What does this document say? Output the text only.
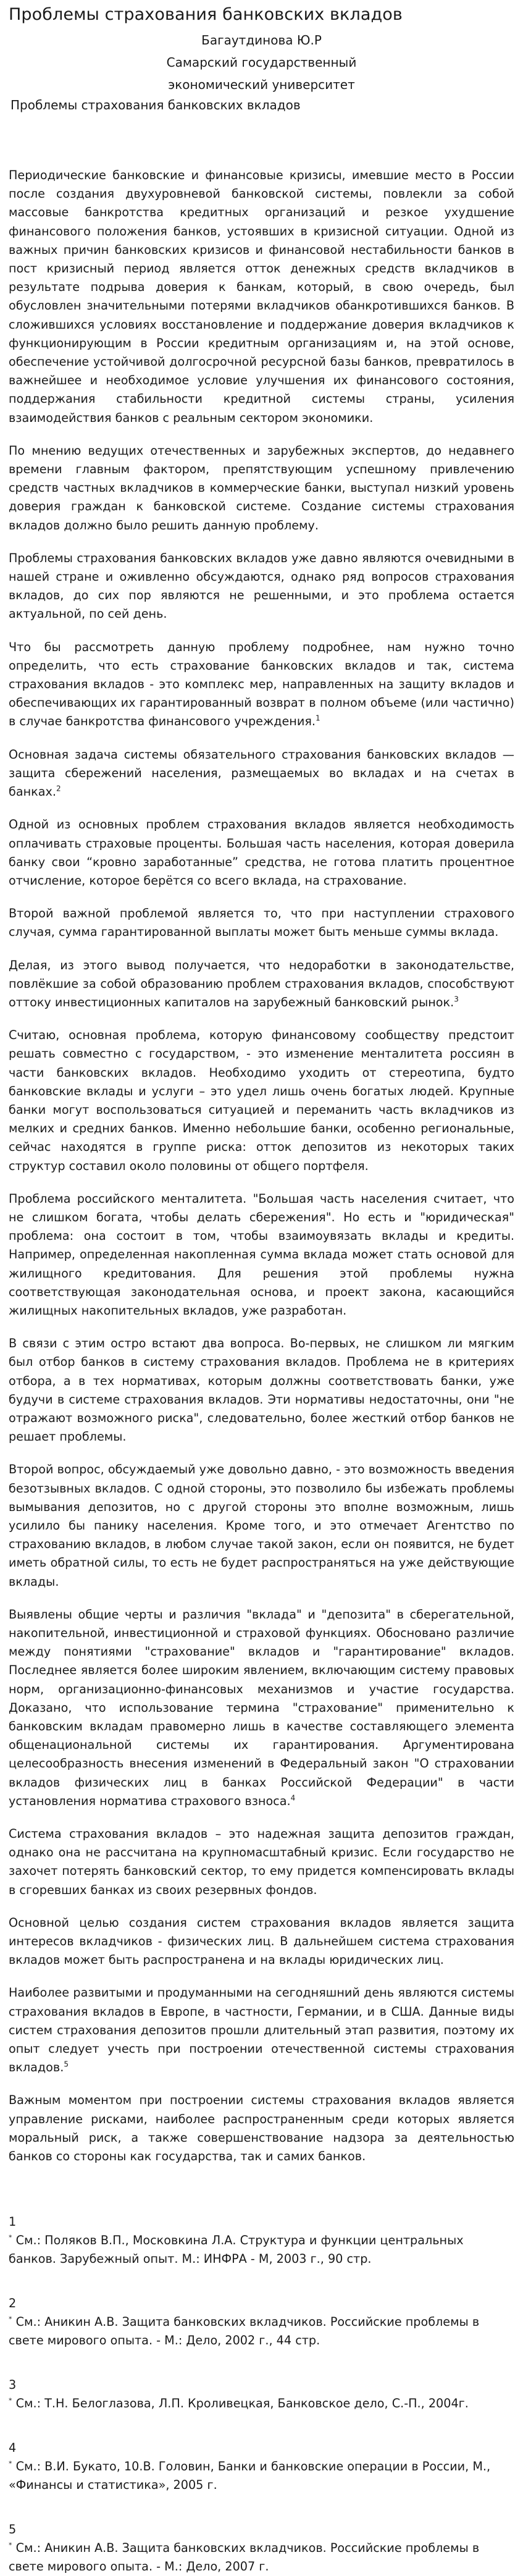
Проблемы страхования банковских вкладов
Багаутдинова Ю.Р
Самарский государственный
экономический университет
Проблемы страхования банковских вкладов

Периодические банковские и финансовые кризисы, имевшие место в России после создания двухуровневой банковской системы, повлекли за собой массовые банкротства кредитных организаций и резкое ухудшение финансового положения банков, устоявших в кризисной ситуации. Одной из важных причин банковских кризисов и финансовой нестабильности банков в пост кризисный период является отток денежных средств вкладчиков в результате подрыва доверия к банкам, который, в свою очередь, был обусловлен значительными потерями вкладчиков обанкротившихся банков. В сложившихся условиях восстановление и поддержание доверия вкладчиков к функционирующим в России кредитным организациям и, на этой основе, обеспечение устойчивой долгосрочной ресурсной базы банков, превратилось в важнейшее и необходимое условие улучшения их финансового состояния, поддержания стабильности кредитной системы страны, усиления взаимодействия банков с реальным сектором экономики.

По мнению ведущих отечественных и зарубежных экспертов, до недавнего времени главным фактором, препятствующим успешному привлечению средств частных вкладчиков в коммерческие банки, выступал низкий уровень доверия граждан к банковской системе. Создание системы страхования вкладов должно было решить данную проблему.

Проблемы страхования банковских вкладов уже давно являются очевидными в нашей стране и оживленно обсуждаются, однако ряд вопросов страхования вкладов, до сих пор являются не решенными, и это проблема остается актуальной, по сей день.

Что бы рассмотреть данную проблему подробнее, нам нужно точно определить, что есть страхование банковских вкладов и так, система страхования вкладов - это комплекс мер, направленных на защиту вкладов и обеспечивающих их гарантированный возврат в полном объеме (или частично) в случае банкротства финансового учреждения.$^1$

Основная задача системы обязательного страхования банковских вкладов — защита сбережений населения, размещаемых во вкладах и на счетах в банках.$^2$

Одной из основных проблем страхования вкладов является необходимость оплачивать страховые проценты. Большая часть населения, которая доверила банку свои “кровно заработанные” средства, не готова платить процентное отчисление, которое берётся со всего вклада, на страхование.

Второй важной проблемой является то, что при наступлении страхового случая, сумма гарантированной выплаты может быть меньше суммы вклада.

Делая, из этого вывод получается, что недоработки в законодательстве, повлёкшие за собой образованию проблем страхования вкладов, способствуют оттоку инвестиционных капиталов на зарубежный банковский рынок.$^3$

Считаю, основная проблема, которую финансовому сообществу предстоит решать совместно с государством, - это изменение менталитета россиян в части банковских вкладов. Необходимо уходить от стереотипа, будто банковские вклады и услуги – это удел лишь очень богатых людей. Крупные банки могут воспользоваться ситуацией и переманить часть вкладчиков из мелких и средних банков. Именно небольшие банки, особенно региональные, сейчас находятся в группе риска: отток депозитов из некоторых таких структур составил около половины от общего портфеля.

Проблема российского менталитета. "Большая часть населения считает, что не слишком богата, чтобы делать сбережения". Но есть и "юридическая" проблема: она состоит в том, чтобы взаимоувязать вклады и кредиты. Например, определенная накопленная сумма вклада может стать основой для жилищного кредитования. Для решения этой проблемы нужна соответствующая законодательная основа, и проект закона, касающийся жилищных накопительных вкладов, уже разработан.

В связи с этим остро встают два вопроса. Во-первых, не слишком ли мягким был отбор банков в систему страхования вкладов. Проблема не в критериях отбора, а в тех нормативах, которым должны соответствовать банки, уже будучи в системе страхования вкладов. Эти нормативы недостаточны, они "не отражают возможного риска", следовательно, более жесткий отбор банков не решает проблемы.

Второй вопрос, обсуждаемый уже довольно давно, - это возможность введения безотзывных вкладов. С одной стороны, это позволило бы избежать проблемы вымывания депозитов, но с другой стороны это вполне возможным, лишь усилило бы панику населения. Кроме того, и это отмечает Агентство по страхованию вкладов, в любом случае такой закон, если он появится, не будет иметь обратной силы, то есть не будет распространяться на уже действующие вклады.

Выявлены общие черты и различия "вклада" и "депозита" в сберегательной, накопительной, инвестиционной и страховой функциях. Обосновано различие между понятиями "страхование" вкладов и "гарантирование" вкладов. Последнее является более широким явлением, включающим систему правовых норм, организационно-финансовых механизмов и участие государства. Доказано, что использование термина "страхование" применительно к банковским вкладам правомерно лишь в качестве составляющего элемента общенациональной системы их гарантирования. Аргументирована целесообразность внесения изменений в Федеральный закон "О страховании вкладов физических лиц в банках Российской Федерации" в части установления норматива страхового взноса.$^4$

Система страхования вкладов – это надежная защита депозитов граждан, однако она не рассчитана на крупномасштабный кризис. Если государство не захочет потерять банковский сектор, то ему придется компенсировать вклады в сгоревших банках из своих резервных фондов.

Основной целью создания систем страхования вкладов является защита интересов вкладчиков - физических лиц. В дальнейшем система страхования вкладов может быть распространена и на вклады юридических лиц.

Наиболее развитыми и продуманными на сегодняшний день являются системы страхования вкладов в Европе, в частности, Германии, и в США. Данные виды систем страхования депозитов прошли длительный этап развития, поэтому их опыт следует учесть при построении отечественной системы страхования вкладов.$^5$

Важным моментом при построении системы страхования вкладов является управление рисками, наиболее распространенным среди которых является моральный риск, а также совершенствование надзора за деятельностью банков со стороны как государства, так и самих банков.

1
* См.: Поляков В.П., Московкина Л.А. Структура и функции центральных банков. Зарубежный опыт. М.: ИНФРА - М, 2003 г., 90 стр.
2
* См.: Аникин А.В. Защита банковских вкладчиков. Российские проблемы в свете мирового опыта. - М.: Дело, 2002 г., 44 стр.
3
* См.: Т.Н. Белоглазова, Л.П. Кроливецкая, Банковское дело, С.-П., 2004г.
4
* См.: В.И. Букато, 10.В. Головин, Банки и банковские операции в России, М., «Финансы и статистика», 2005 г.
5
* См.: Аникин А.В. Защита банковских вкладчиков. Российские проблемы в свете мирового опыта. - М.: Дело, 2007 г.
